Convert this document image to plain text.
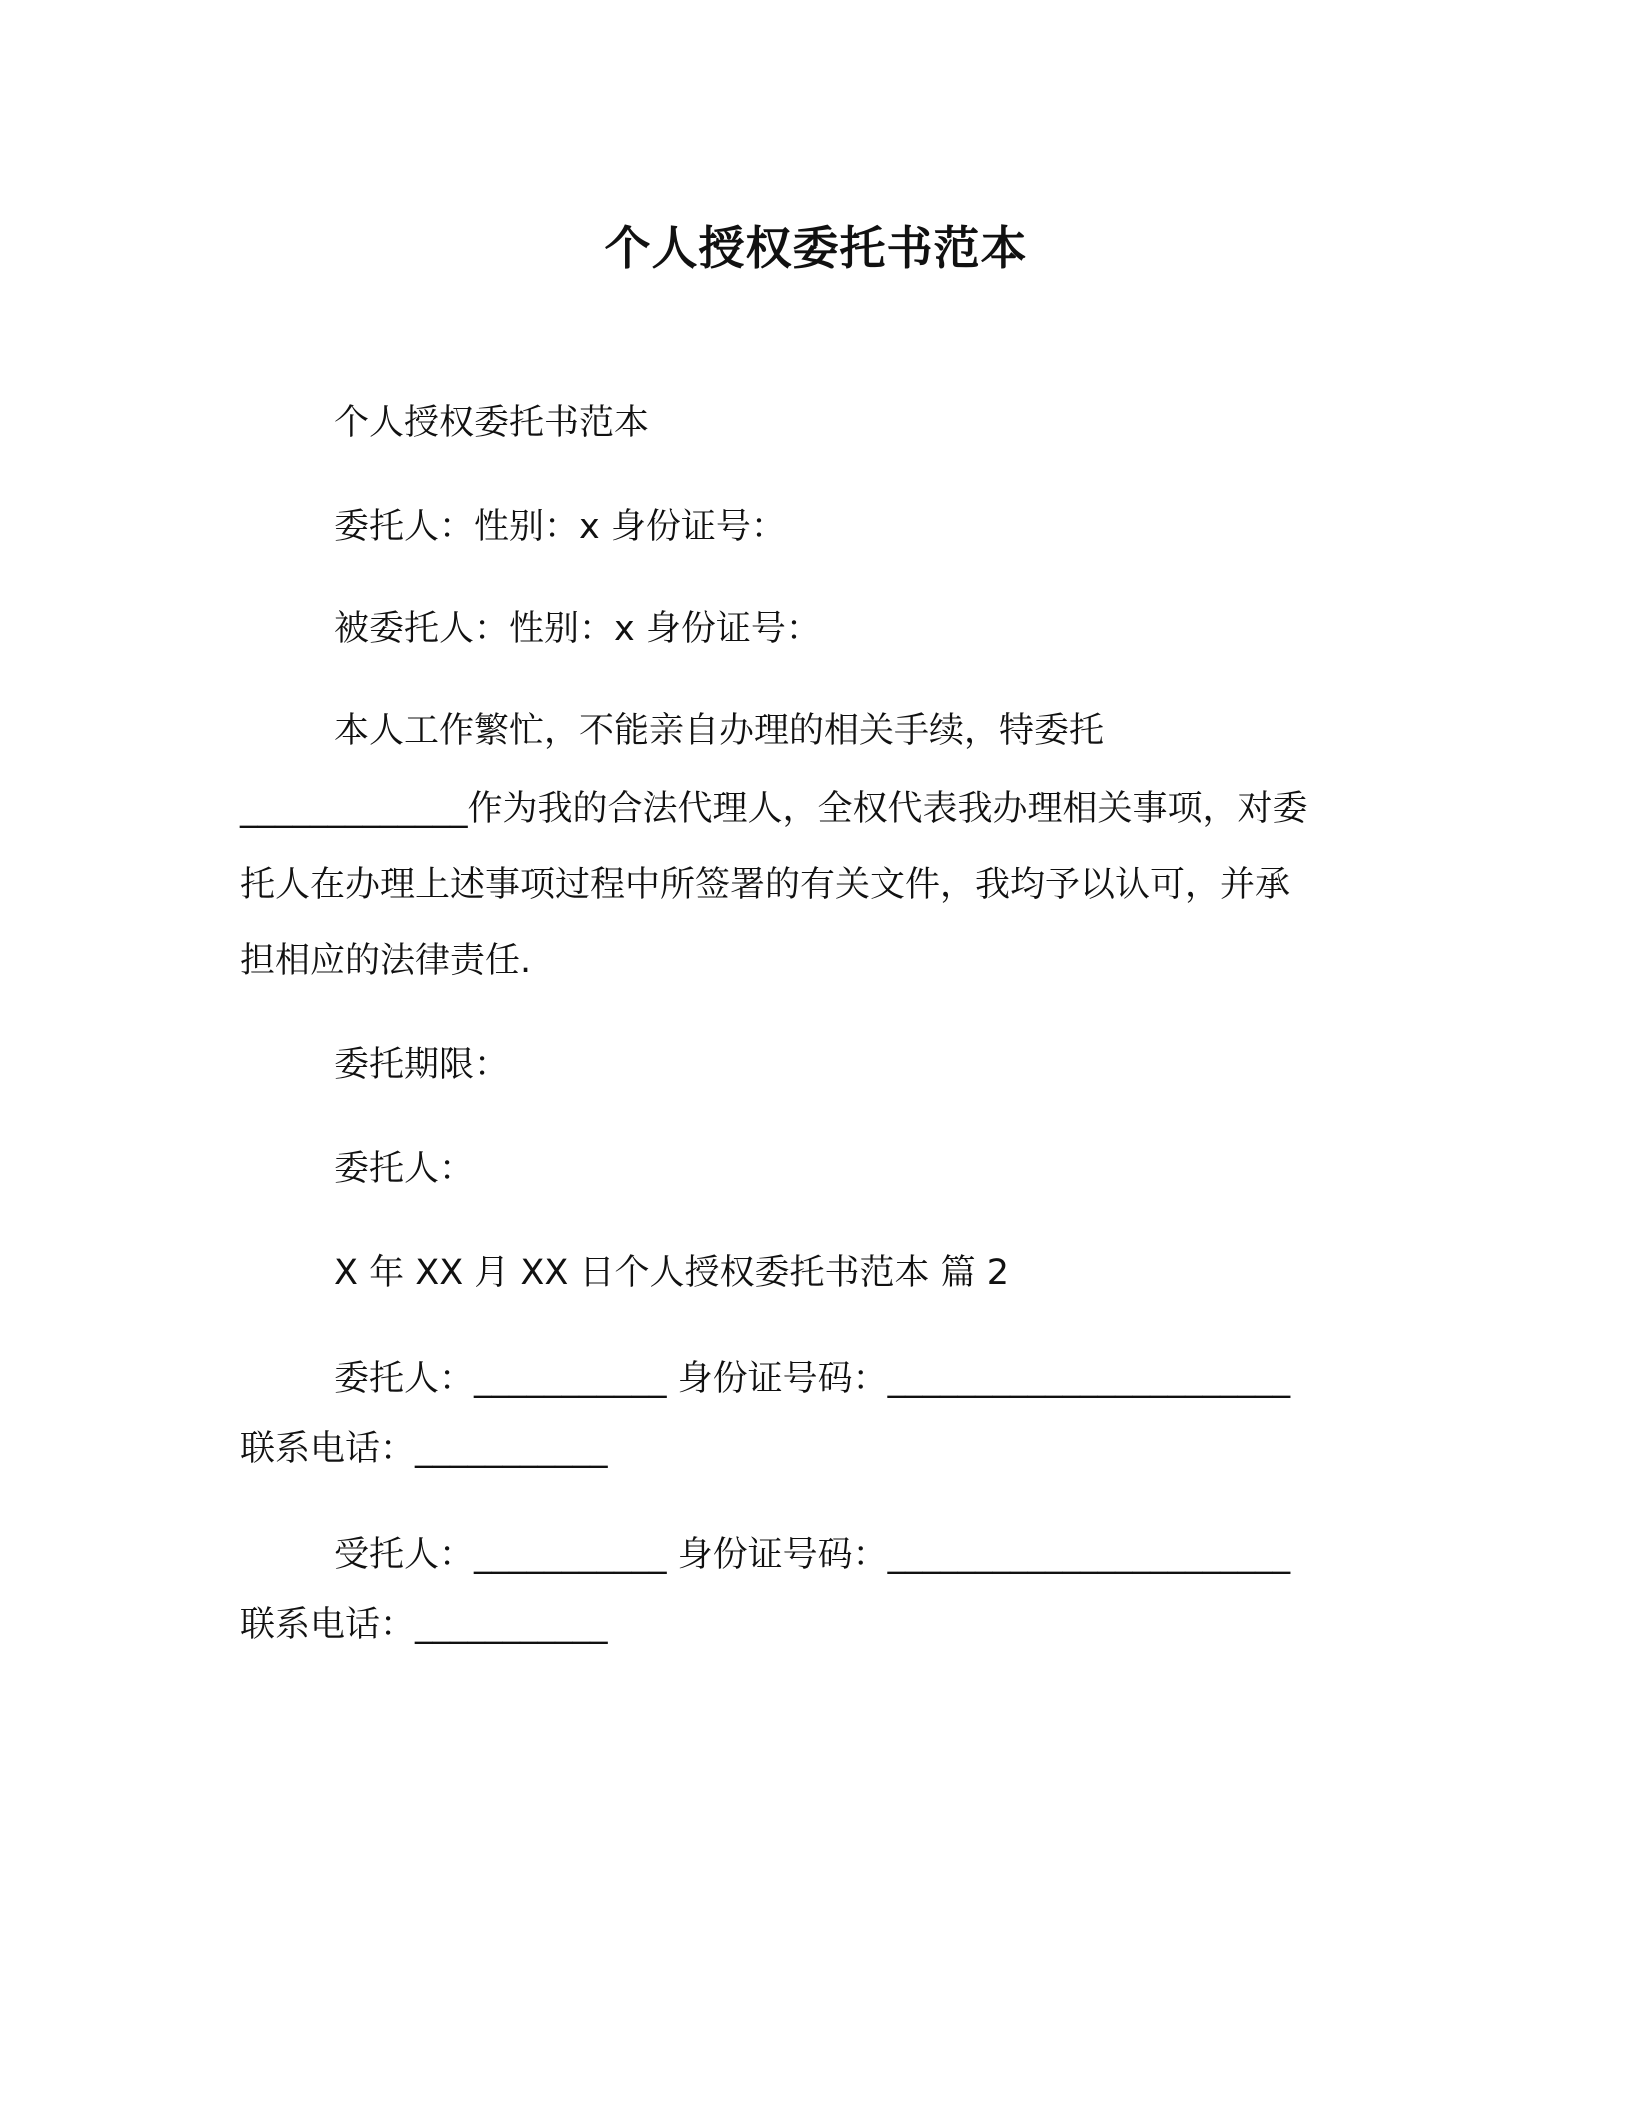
个人授权委托书范本
个人授权委托书范本
委托人：性别：x 身份证号：
被委托人：性别：x 身份证号：
本人工作繁忙，不能亲自办理的相关手续，特委托
_____________作为我的合法代理人，全权代表我办理相关事项，对委
托人在办理上述事项过程中所签署的有关文件，我均予以认可，并承
担相应的法律责任.
委托期限：
委托人：
X 年 XX 月 XX 日个人授权委托书范本 篇 2
委托人：___________ 身份证号码：_______________________
联系电话：___________
受托人：___________ 身份证号码：_______________________
联系电话：___________
